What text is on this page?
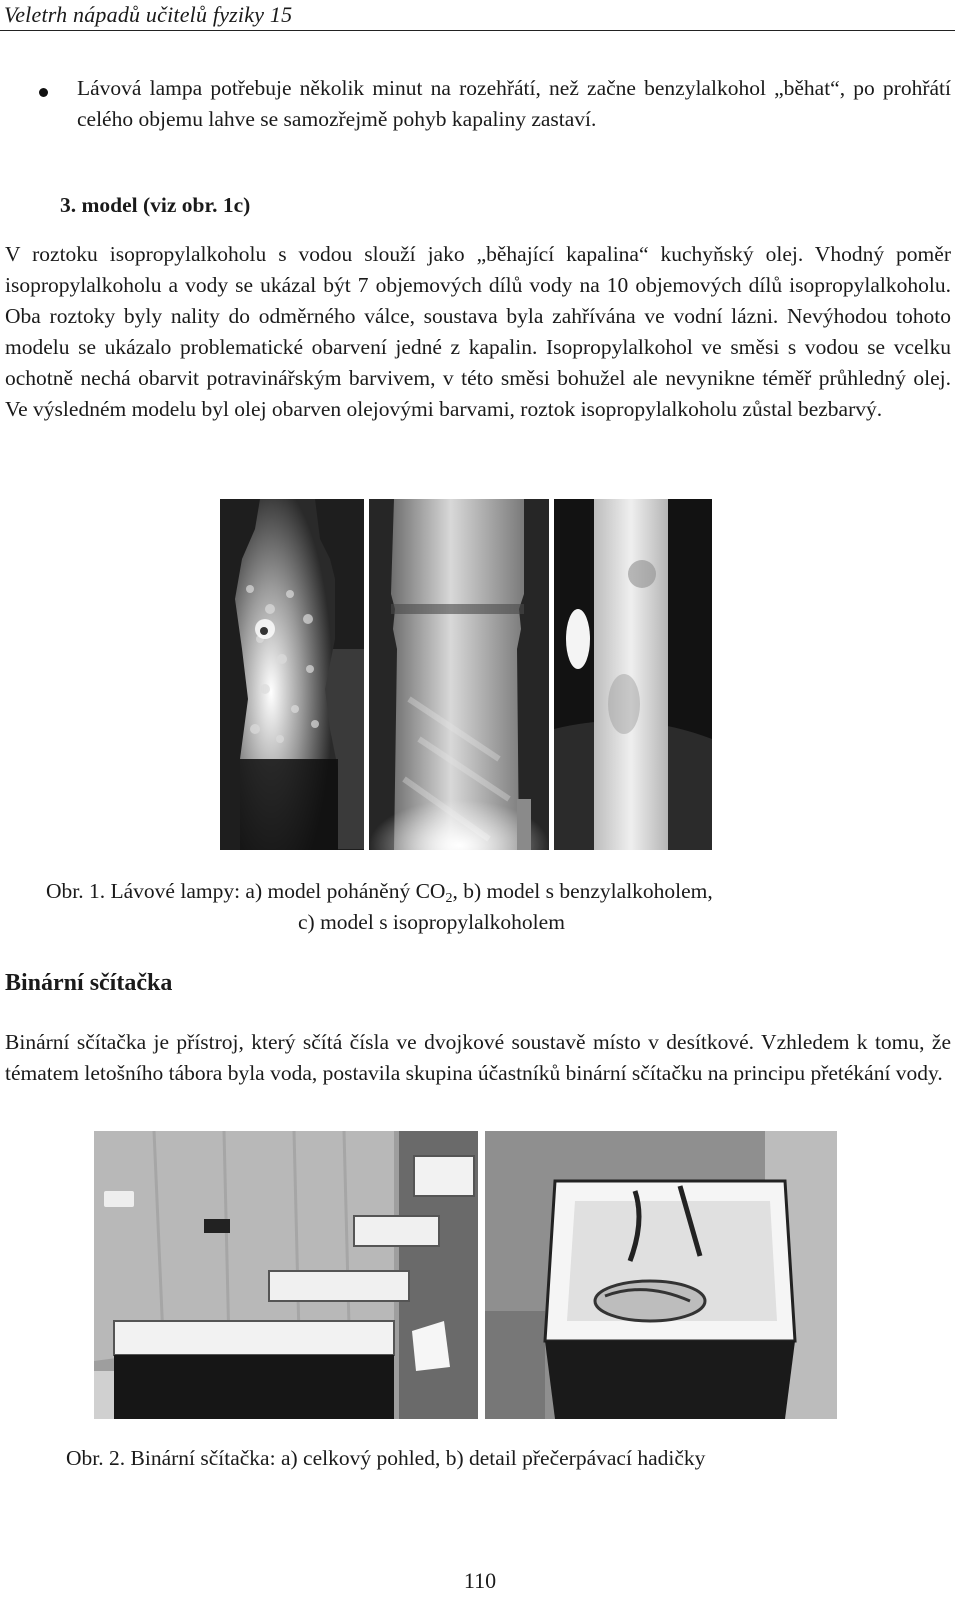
Veletrh nápadů učitelů fyziky 15

Lávová lampa potřebuje několik minut na rozehřátí, než začne benzylalkohol „běhat“, po prohřátí celého objemu lahve se samozřejmě pohyb kapaliny zastaví.

3. model (viz obr. 1c)

V roztoku isopropylalkoholu s vodou slouží jako „běhající kapalina“ kuchyňský olej. Vhodný poměr isopropylalkoholu a vody se ukázal být 7 objemových dílů vody na 10 objemových dílů isopropylalkoholu. Oba roztoky byly nality do odměrného válce, soustava byla zahřívána ve vodní lázni. Nevýhodou tohoto modelu se ukázalo problematické obarvení jedné z kapalin. Isopropylalkohol ve směsi s vodou se vcelku ochotně nechá obarvit potravinářským barvivem, v této směsi bohužel ale nevynikne téměř průhledný olej. Ve výsledném modelu byl olej obarven olejovými barvami, roztok isopropylalkoholu zůstal bezbarvý.

Obr. 1. Lávové lampy: a) model poháněný $CO_2$, b) model s benzylalkoholem,
c) model s isopropylalkoholem
Binární sčítačka

Binární sčítačka je přístroj, který sčítá čísla ve dvojkové soustavě místo v desítkové. Vzhledem k tomu, že tématem letošního tábora byla voda, postavila skupina účastníků binární sčítačku na principu přetékání vody.

Obr. 2. Binární sčítačka: a) celkový pohled, b) detail přečerpávací hadičky
110
